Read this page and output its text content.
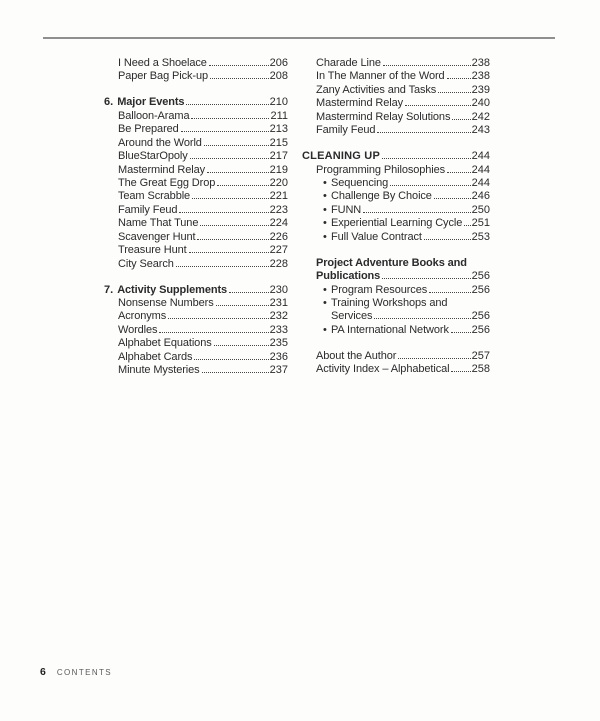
I Need a Shoelace	206
Paper Bag Pick-up	208
6. Major Events	210
Balloon-Arama	211
Be Prepared	213
Around the World	215
BlueStarOpoly	217
Mastermind Relay	219
The Great Egg Drop	220
Team Scrabble	221
Family Feud	223
Name That Tune	224
Scavenger Hunt	226
Treasure Hunt	227
City Search	228
7. Activity Supplements	230
Nonsense Numbers	231
Acronyms	232
Wordles	233
Alphabet Equations	235
Alphabet Cards	236
Minute Mysteries	237
Charade Line	238
In The Manner of the Word 238
Zany Activities and Tasks	239
Mastermind Relay	240
Mastermind Relay Solutions 242
Family Feud	243
CLEANING UP	244
Programming Philosophies 244
• Sequencing	244
• Challenge By Choice	246
• FUNN	250
• Experiential Learning Cycle 251
• Full Value Contract	253
Project Adventure Books and
Publications	256
• Program Resources	256
• Training Workshops and
Services	256
• PA International Network 256
About the Author	257
Activity Index – Alphabetical 258
6 CONTENTS
